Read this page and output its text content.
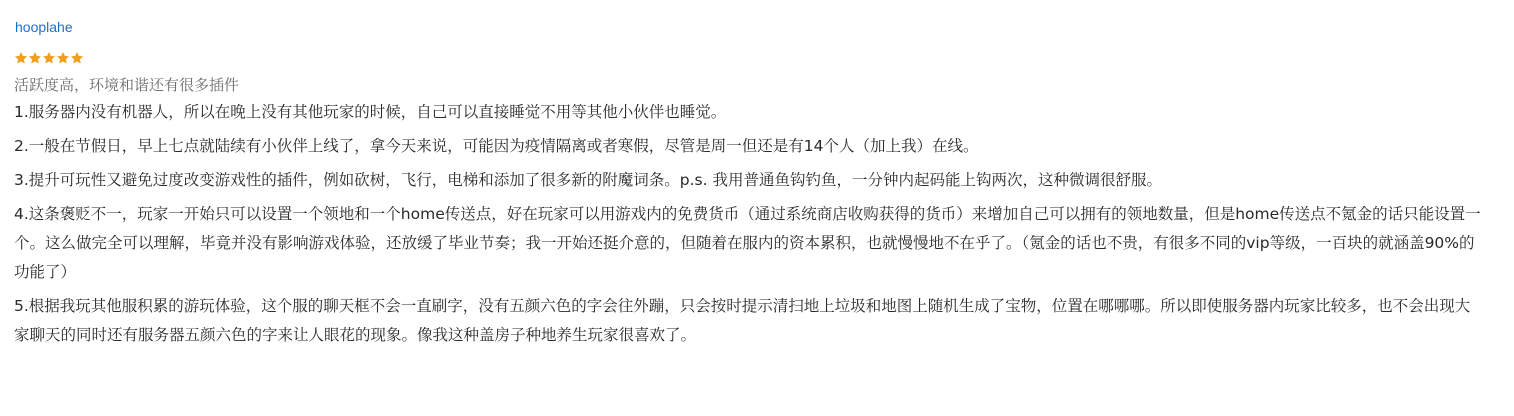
hooplahe
活跃度高，环境和谐还有很多插件

1.服务器内没有机器人，所以在晚上没有其他玩家的时候，自己可以直接睡觉不用等其他小伙伴也睡觉。

2.一般在节假日，早上七点就陆续有小伙伴上线了，拿今天来说，可能因为疫情隔离或者寒假，尽管是周一但还是有14个人（加上我）在线。

3.提升可玩性又避免过度改变游戏性的插件，例如砍树，飞行，电梯和添加了很多新的附魔词条。p.s. 我用普通鱼钩钓鱼，一分钟内起码能上钩两次，这种微调很舒服。

4.这条褒贬不一，玩家一开始只可以设置一个领地和一个home传送点，好在玩家可以用游戏内的免费货币（通过系统商店收购获得的货币）来增加自己可以拥有的领地数量，但是home传送点不氪金的话只能设置一个。这么做完全可以理解，毕竟并没有影响游戏体验，还放缓了毕业节奏；我一开始还挺介意的，但随着在服内的资本累积，也就慢慢地不在乎了。（氪金的话也不贵，有很多不同的vip等级，一百块的就涵盖90%的功能了）

5.根据我玩其他服积累的游玩体验，这个服的聊天框不会一直刷字，没有五颜六色的字会往外蹦，只会按时提示清扫地上垃圾和地图上随机生成了宝物，位置在哪哪哪。所以即使服务器内玩家比较多，也不会出现大家聊天的同时还有服务器五颜六色的字来让人眼花的现象。像我这种盖房子种地养生玩家很喜欢了。
